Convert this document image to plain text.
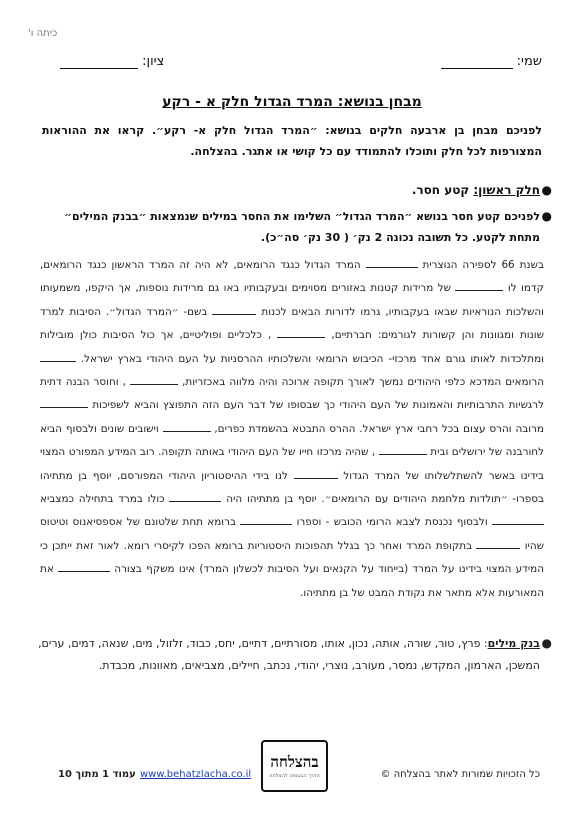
כיתה ו'
שמי:
ציון:
מבחן בנושא: המרד הגדול חלק א - רקע
לפניכם מבחן בן ארבעה חלקים בנושא: ״המרד הגדול חלק א- רקע״. קראו את ההוראות המצורפות לכל חלק ותוכלו להתמודד עם כל קושי או אתגר. בהצלחה.
●
חלק ראשון: קטע חסר.
●
לפניכם קטע חסר בנושא ״המרד הגדול״ השלימו את החסר במילים שנמצאות ״בבנק המילים״ מתחת לקטע. כל תשובה נכונה 2 נק׳ ( 30 נק׳ סה״כ).
בשנת 66 לספירה הנוצרית  המרד הגדול כנגד הרומאים, לא היה זה המרד הראשון כנגד הרומאים, קדמו לו  של מרידות קטנות באזורים מסוימים ובעקבותיו באו גם מרידות נוספות, אך היקפו, משמעותו והשלכות הנוראיות שבאו בעקבותיו, גרמו לדורות הבאים לכנות  בשם- ״המרד הגדול״. הסיבות למרד שונות ומגוונות והן קשורות לגורמים: חברתיים,  , כלכליים ופוליטיים, אך כול הסיבות כולן מובילות ומתלכדות לאותו גורם אחד מרכזי- הכיבוש הרומאי והשלכותיו ההרסניות על העם היהודי בארץ ישראל.  הרומאים המדכא כלפי היהודים נמשך לאורך תקופה ארוכה והיה מלווה באכזריות,  , וחוסר הבנה דתית לרגשיות התרבותיות והאמונות של העם היהודי כך שבסופו של דבר העם הזה התפוצץ והביא לשפיכות  מרובה והרס עצום בכל רחבי ארץ ישראל. ההרס התבטא בהשמדת כפרים,  וישובים שונים ולבסוף הביא לחורבנה של ירושלים ובית  , שהיה מרכזו חייו של העם היהודי באותה תקופה. רוב המידע המפורט המצוי בידינו באשר להשתלשלותו של המרד הגדול  לנו בידי ההיסטוריון היהודי המפורסם, יוסף בן מתתיהו בספרו- ״תולדות מלחמת היהודים עם הרומאים״. יוסף בן מתתיהו היה  כולו במרד בתחילה כמצביא  ולבסוף נכנסת לצבא הרומי הכובש - וספרו  ברומא תחת שלטונם של אספסיאנוס וטיטוס שהיו  בתקופת המרד ואחר כך בגלל תהפוכות היסטוריות ברומא הפכו לקיסרי רומא. לאור זאת ייתכן כי המידע המצוי בידינו על המרד (בייחוד על הקנאים ועל הסיבות לכשלון המרד) אינו משקף בצורה  את המאורעות אלא מתאר את נקודת המבט של בן מתתיהו.
●
בנק מילים: פרץ, טור, שורה, אותה, נכון, אותו, מסורתיים, דתיים, יחס, כבוד, זלזול, מים, שנאה, דמים, ערים, המשכן, הארמון, המקדש, נמסר, מעורב, נוצרי, יהודי, נכתב, חיילים, מצביאים, מאוונות, מכבדת.
כל הזכויות שמורות לאתר בהצלחה ©
בהצלחה
הדרך הבטוחה להצלחה
www.behatzlacha.co.il
עמוד 1 מתוך 10
